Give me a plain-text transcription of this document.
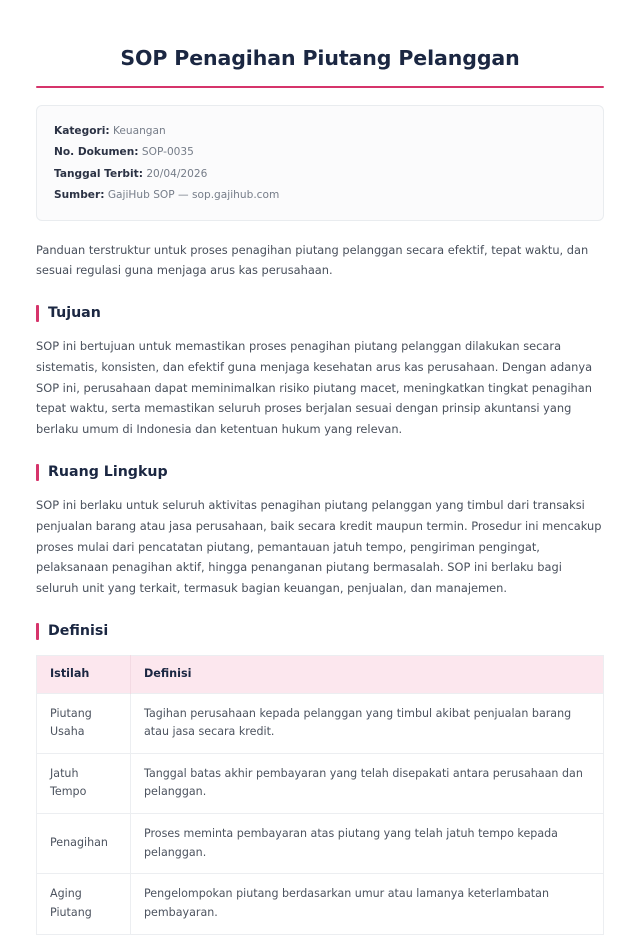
SOP Penagihan Piutang Pelanggan
Kategori: Keuangan
No. Dokumen: SOP-0035
Tanggal Terbit: 20/04/2026
Sumber: GajiHub SOP — sop.gajihub.com

Panduan terstruktur untuk proses penagihan piutang pelanggan secara efektif, tepat waktu, dan sesuai regulasi guna menjaga arus kas perusahaan.

Tujuan

SOP ini bertujuan untuk memastikan proses penagihan piutang pelanggan dilakukan secara sistematis, konsisten, dan efektif guna menjaga kesehatan arus kas perusahaan. Dengan adanya SOP ini, perusahaan dapat meminimalkan risiko piutang macet, meningkatkan tingkat penagihan tepat waktu, serta memastikan seluruh proses berjalan sesuai dengan prinsip akuntansi yang berlaku umum di Indonesia dan ketentuan hukum yang relevan.

Ruang Lingkup

SOP ini berlaku untuk seluruh aktivitas penagihan piutang pelanggan yang timbul dari transaksi penjualan barang atau jasa perusahaan, baik secara kredit maupun termin. Prosedur ini mencakup proses mulai dari pencatatan piutang, pemantauan jatuh tempo, pengiriman pengingat, pelaksanaan penagihan aktif, hingga penanganan piutang bermasalah. SOP ini berlaku bagi seluruh unit yang terkait, termasuk bagian keuangan, penjualan, dan manajemen.

Definisi
Istilah	Definisi
Piutang Usaha	Tagihan perusahaan kepada pelanggan yang timbul akibat penjualan barang atau jasa secara kredit.
Jatuh Tempo	Tanggal batas akhir pembayaran yang telah disepakati antara perusahaan dan pelanggan.
Penagihan	Proses meminta pembayaran atas piutang yang telah jatuh tempo kepada pelanggan.
Aging Piutang	Pengelompokan piutang berdasarkan umur atau lamanya keterlambatan pembayaran.
